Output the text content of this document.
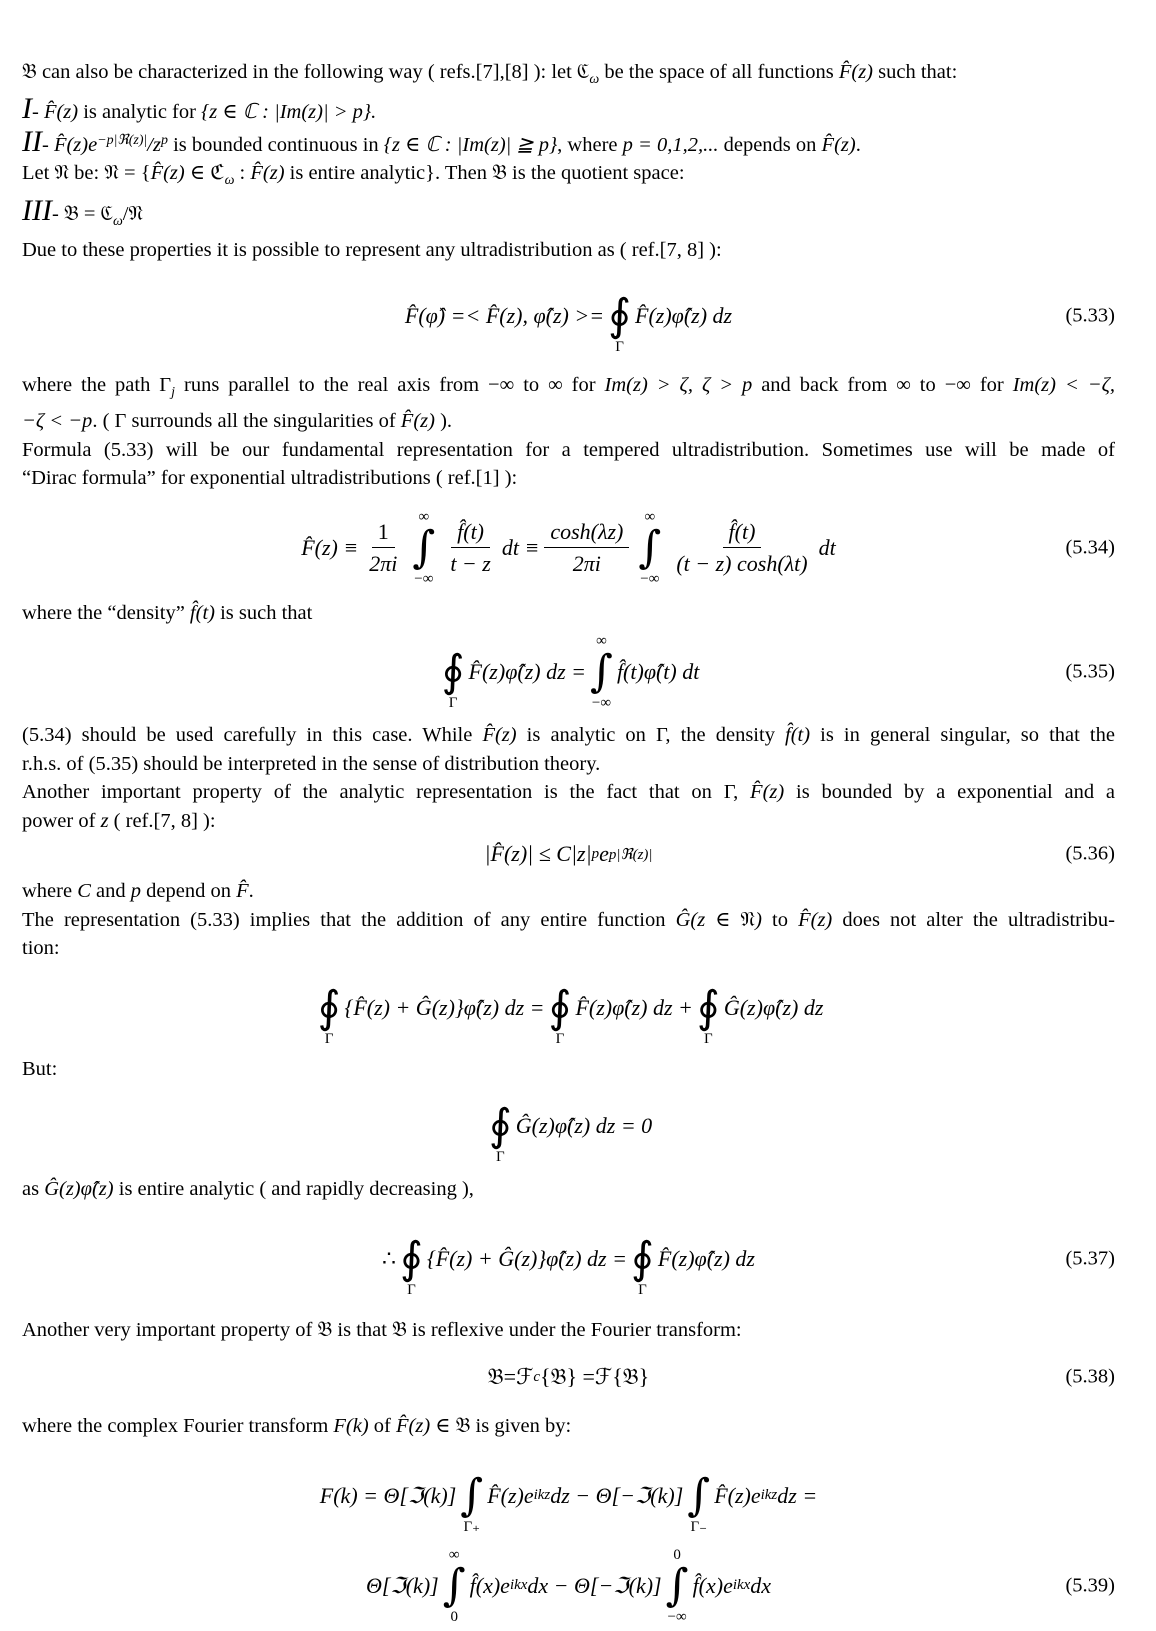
𝔅 can also be characterized in the following way ( refs.[7],[8] ): let ℭ$_\omega$ be the space of all functions F̂(z) such that:
I- F̂(z) is analytic for {z ∈ ℂ : |Im(z)| > p}.
II- $F̂(z)e^{-p|ℜ(z)|}/z^p$ is bounded continuous in {z ∈ ℂ : |Im(z)| ≧ p}, where p = 0,1,2,... depends on F̂(z).
Let 𝔑 be: 𝔑 = {F̂(z) ∈ ℭ$_\omega$ : F̂(z) is entire analytic}. Then 𝔅 is the quotient space:
III- 𝔅 = ℭ$_\omega$/𝔑
Due to these properties it is possible to represent any ultradistribution as ( ref.[7, 8] ):
F̂(φ̂) =< F̂(z), φ̂(z) >= ∮
Γ
F̂(z)φ̂(z) dz	(5.33)
where the path $\Gamma_j$ runs parallel to the real axis from −∞ to ∞ for Im(z) > ζ, ζ > p and back from ∞ to −∞ for Im(z) < −ζ,
−ζ < −p. ( Γ surrounds all the singularities of F̂(z) ).
Formula (5.33) will be our fundamental representation for a tempered ultradistribution. Sometimes use will be made of
“Dirac formula” for exponential ultradistributions ( ref.[1] ):
F̂(z) ≡ $\frac{1}{2\pi i}$
∞
∫
−∞
$\frac{f̂(t)}{t - z}$ dt ≡ $\frac{\cosh(\lambda z)}{2\pi i}$
∞
∫
−∞
$\frac{f̂(t)}{(t - z) \cosh(\lambda t)}$ dt	(5.34)
where the “density” f̂(t) is such that
∮
Γ
F̂(z)φ̂(z) dz =
∞
∫
−∞
f̂(t)φ̂(t) dt	(5.35)
(5.34) should be used carefully in this case. While F̂(z) is analytic on Γ, the density f̂(t) is in general singular, so that the
r.h.s. of (5.35) should be interpreted in the sense of distribution theory.
Another important property of the analytic representation is the fact that on Γ, F̂(z) is bounded by a exponential and a
power of z ( ref.[7, 8] ):
|F̂(z)| ≤ C|z| p e p|ℜ(z)|	(5.36)
where C and p depend on F̂.
The representation (5.33) implies that the addition of any entire function Ĝ(z ∈ 𝔑) to F̂(z) does not alter the ultradistribu-
tion:
∮
Γ
{F̂(z) + Ĝ(z)}φ̂(z) dz = ∮
Γ
F̂(z)φ̂(z) dz + ∮
Γ
Ĝ(z)φ̂(z) dz
But:
∮
Γ
Ĝ(z)φ̂(z) dz = 0
as Ĝ(z)φ̂(z) is entire analytic ( and rapidly decreasing ),
∴ ∮
Γ
{F̂(z) + Ĝ(z)}φ̂(z) dz = ∮
Γ
F̂(z)φ̂(z) dz	(5.37)
Another very important property of 𝔅 is that 𝔅 is reflexive under the Fourier transform:
𝔅 = ℱ c { 𝔅 } = ℱ { 𝔅 }	(5.38)
where the complex Fourier transform F(k) of F̂(z) ∈ 𝔅 is given by:
F(k) = Θ[ℑ(k)] ∫
Γ₊
F̂(z)e ikz dz − Θ[−ℑ(k)] ∫
Γ₋
F̂(z)e ikz dz =
Θ[ℑ(k)]
∞
∫
0
f̂(x)e ikx dx − Θ[−ℑ(k)]
0
∫
−∞
f̂(x)e ikx dx	(5.39)
